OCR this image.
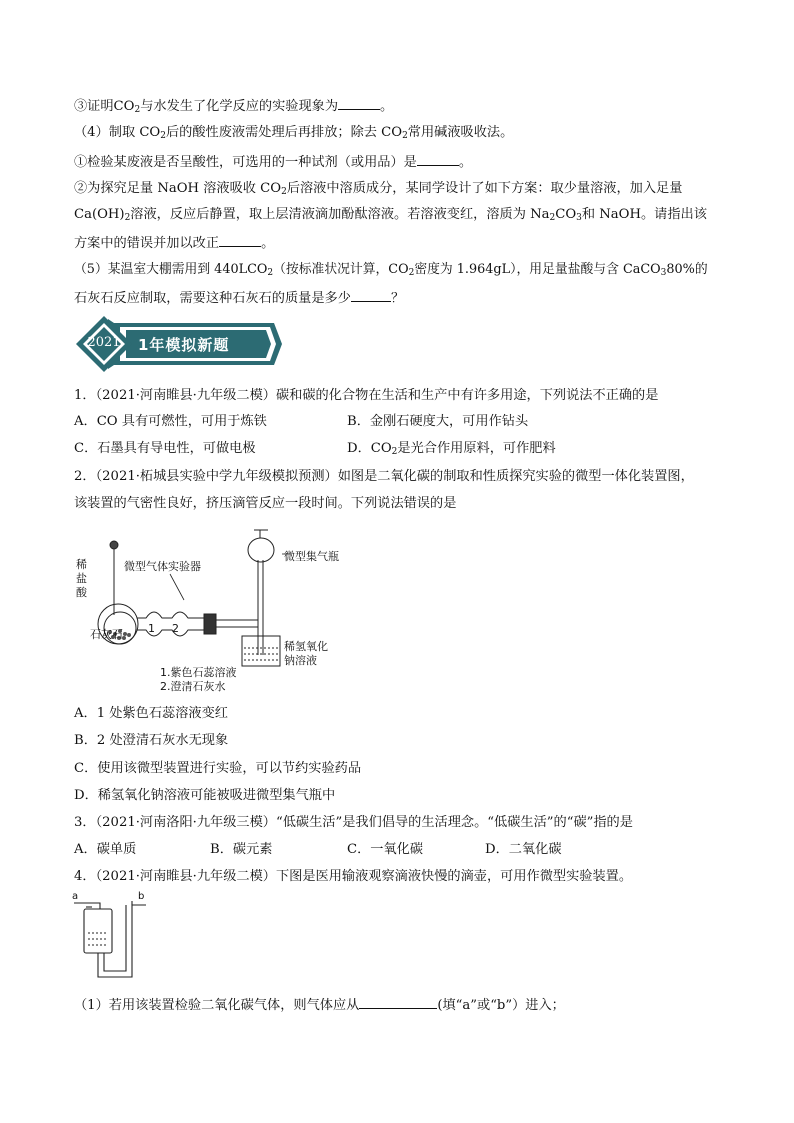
③证明$CO_2$与水发生了化学反应的实验现象为	。
（4）制取 $CO_2$后的酸性废液需处理后再排放；除去 $CO_2$常用碱液吸收法。
①检验某废液是否呈酸性，可选用的一种试剂（或用品）是	。
②为探究足量 NaOH 溶液吸收 $CO_2$后溶液中溶质成分，某同学设计了如下方案：取少量溶液，加入足量
$Ca(OH)_2$溶液，反应后静置，取上层清液滴加酚酞溶液。若溶液变红，溶质为 $Na_2CO_3$和 NaOH。请指出该
方案中的错误并加以改正	。
（5）某温室大棚需用到 $440LCO_2$（按标准状况计算，$CO_2$密度为 1.964gL），用足量盐酸与含 CaCO$_3$80%的
石灰石反应制取，需要这种石灰石的质量是多少	？
2021 1年模拟新题
1．（2021·河南睢县·九年级二模）碳和碳的化合物在生活和生产中有许多用途，下列说法不正确的是
A．CO 具有可燃性，可用于炼铁	B．金刚石硬度大，可用作钻头
C．石墨具有导电性，可做电极	D．$CO_2$是光合作用原料，可作肥料
2．（2021·柘城县实验中学九年级模拟预测）如图是二氧化碳的制取和性质探究实验的微型一体化装置图，
该装置的气密性良好，挤压滴管反应一段时间。下列说法错误的是
稀
盐
酸
微型气体实验器
石灰石 1 2
微型集气瓶
稀氢氧化
钠溶液
1.紫色石蕊溶液
2.澄清石灰水
A．1 处紫色石蕊溶液变红
B．2 处澄清石灰水无现象
C．使用该微型装置进行实验，可以节约实验药品
D．稀氢氧化钠溶液可能被吸进微型集气瓶中
3．（2021·河南洛阳·九年级三模）“低碳生活”是我们倡导的生活理念。“低碳生活”的“碳”指的是
A．碳单质	B．碳元素	C．一氧化碳	D．二氧化碳
4．（2021·河南睢县·九年级二模）下图是医用输液观察滴液快慢的滴壶，可用作微型实验装置。
a	b
（1）若用该装置检验二氧化碳气体，则气体应从	(填“a”或“b”）进入；
